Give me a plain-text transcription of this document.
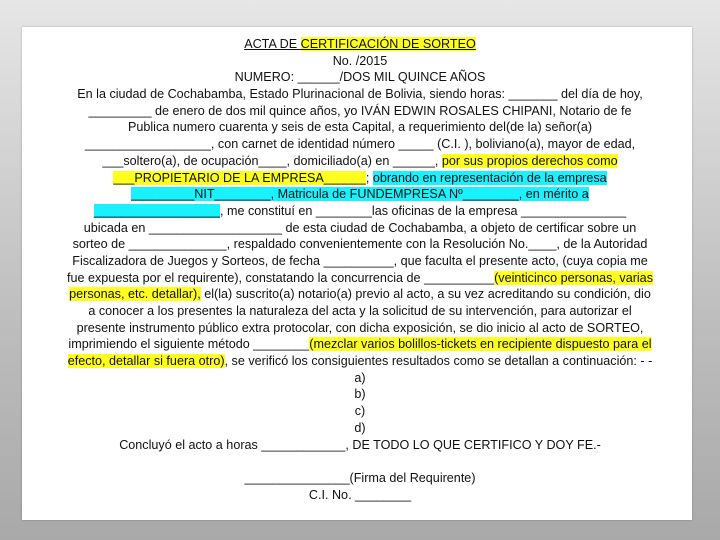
ACTA DE CERTIFICACIÓN DE SORTEO
No. /2015
NUMERO: ______/DOS MIL QUINCE AÑOS
En la ciudad de Cochabamba, Estado Plurinacional de Bolivia, siendo horas: _______ del día de hoy,
_________ de enero de dos mil quince años, yo IVÁN EDWIN ROSALES CHIPANI, Notario de fe
Publica numero cuarenta y seis de esta Capital, a requerimiento del(de la) señor(a)
__________________, con carnet de identidad número _____ (C.I. ), boliviano(a), mayor de edad,
___soltero(a), de ocupación____, domiciliado(a) en ______, por sus propios derechos como
___PROPIETARIO DE LA EMPRESA______; obrando en representación de la empresa
_________NIT________, Matricula de FUNDEMPRESA Nº________, en mérito a
__________________, me constituí en ________las oficinas de la empresa _______________
ubicada en ___________________ de esta ciudad de Cochabamba, a objeto de certificar sobre un
sorteo de ______________, respaldado convenientemente con la Resolución No.____, de la Autoridad
Fiscalizadora de Juegos y Sorteos, de fecha __________, que faculta el presente acto, (cuya copia me
fue expuesta por el requirente), constatando la concurrencia de __________(veinticinco personas, varias
personas, etc. detallar), el(la) suscrito(a) notario(a) previo al acto, a su vez acreditando su condición, dio
a conocer a los presentes la naturaleza del acta y la solicitud de su intervención, para autorizar el
presente instrumento público extra protocolar, con dicha exposición, se dio inicio al acto de SORTEO,
imprimiendo el siguiente método ________(mezclar varios bolillos-tickets en recipiente dispuesto para el
efecto, detallar si fuera otro), se verificó los consiguientes resultados como se detallan a continuación: - -
a)
b)
c)
d)
Concluyó el acto a horas ____________, DE TODO LO QUE CERTIFICO Y DOY FE.-
_______________(Firma del Requirente)
C.I. No. ________
